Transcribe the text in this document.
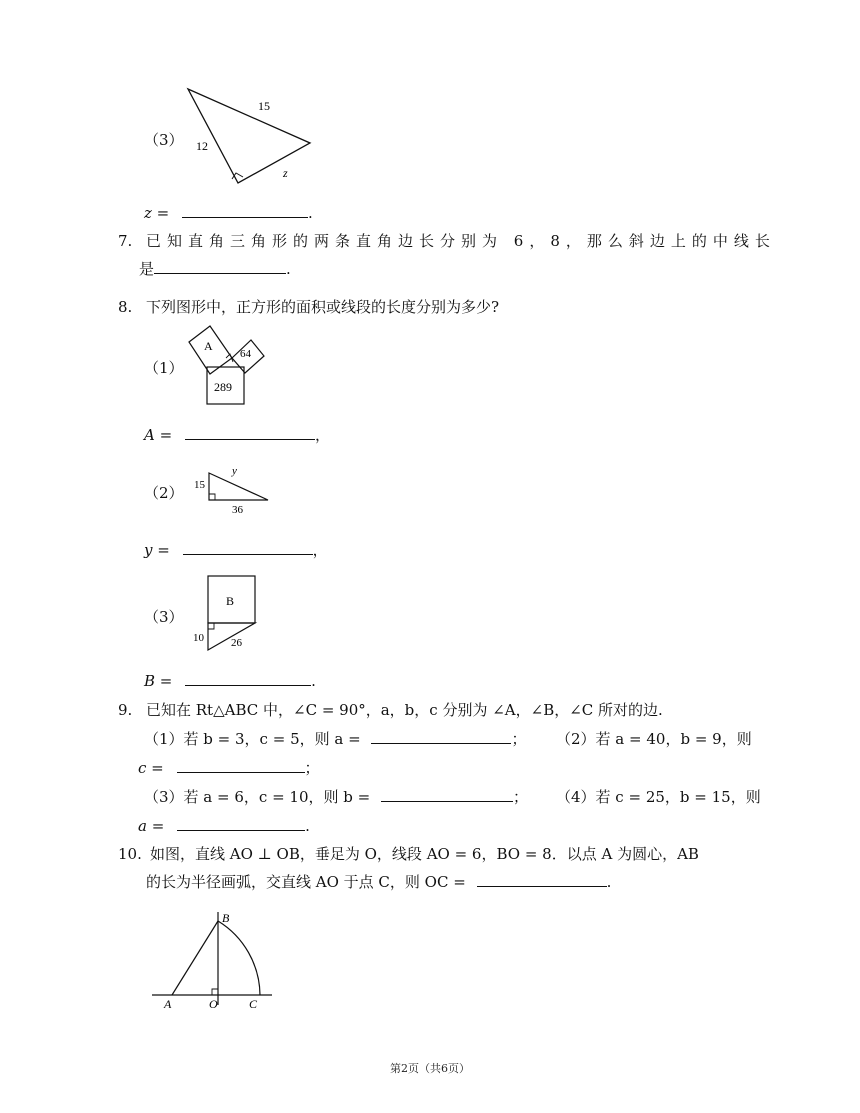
（3）
15
12
z
z =	.
7. 已知直角三角形的两条直角边长分别为 6，8，那么斜边上的中线长
是	.
8. 下列图形中，正方形的面积或线段的长度分别为多少?
（1）
A
64
289
A =	，
（2） 15
36
y
y =	，
（3）
B
10 26
B =	.
9. 已知在 Rt△ABC 中，∠C = 90°，a，b，c 分别为 ∠A，∠B，∠C 所对的边.
（1）若 b = 3，c = 5，则 a =	； （2）若 a = 40，b = 9，则
c =	；
（3）若 a = 6，c = 10，则 b =	； （4）若 c = 25，b = 15，则
a =	.
10. 如图，直线 AO ⊥ OB，垂足为 O，线段 AO = 6，BO = 8．以点 A 为圆心，AB
的长为半径画弧，交直线 AO 于点 C，则 OC =	.
B
A	O	C
第2页（共6页）
